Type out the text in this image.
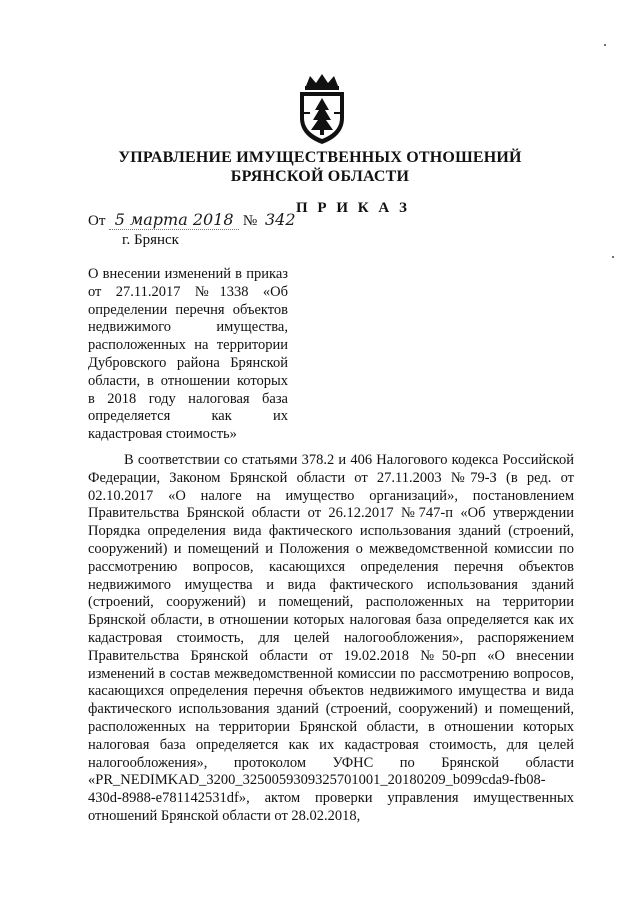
УПРАВЛЕНИЕ ИМУЩЕСТВЕННЫХ ОТНОШЕНИЙ
БРЯНСКОЙ ОБЛАСТИ
П Р И К А З
От 5 марта 2018 № 342
г. Брянск
О внесении изменений в приказ от 27.11.2017 №1338 «Об определении перечня объектов недвижимого имущества, расположенных на территории Дубровского района Брянской области, в отношении которых в 2018 году налоговая база определяется как их кадастровая стоимость»
В соответствии со статьями 378.2 и 406 Налогового кодекса Российской Федерации, Законом Брянской области от 27.11.2003 №79-З (в ред. от 02.10.2017 «О налоге на имущество организаций», постановлением Правительства Брянской области от 26.12.2017 №747-п «Об утверждении Порядка определения вида фактического использования зданий (строений, сооружений) и помещений и Положения о межведомственной комиссии по рассмотрению вопросов, касающихся определения перечня объектов недвижимого имущества и вида фактического использования зданий (строений, сооружений) и помещений, расположенных на территории Брянской области, в отношении которых налоговая база определяется как их кадастровая стоимость, для целей налогообложения», распоряжением Правительства Брянской области от 19.02.2018 №50-рп «О внесении изменений в состав межведомственной комиссии по рассмотрению вопросов, касающихся определения перечня объектов недвижимого имущества и вида фактического использования зданий (строений, сооружений) и помещений, расположенных на территории Брянской области, в отношении которых налоговая база определяется как их кадастровая стоимость, для целей налогообложения», протоколом УФНС по Брянской области «PR_NEDIMKAD_3200_3250059309325701001_20180209_b099cda9-fb08-430d-8988-e781142531df», актом проверки управления имущественных отношений Брянской области от 28.02.2018,
